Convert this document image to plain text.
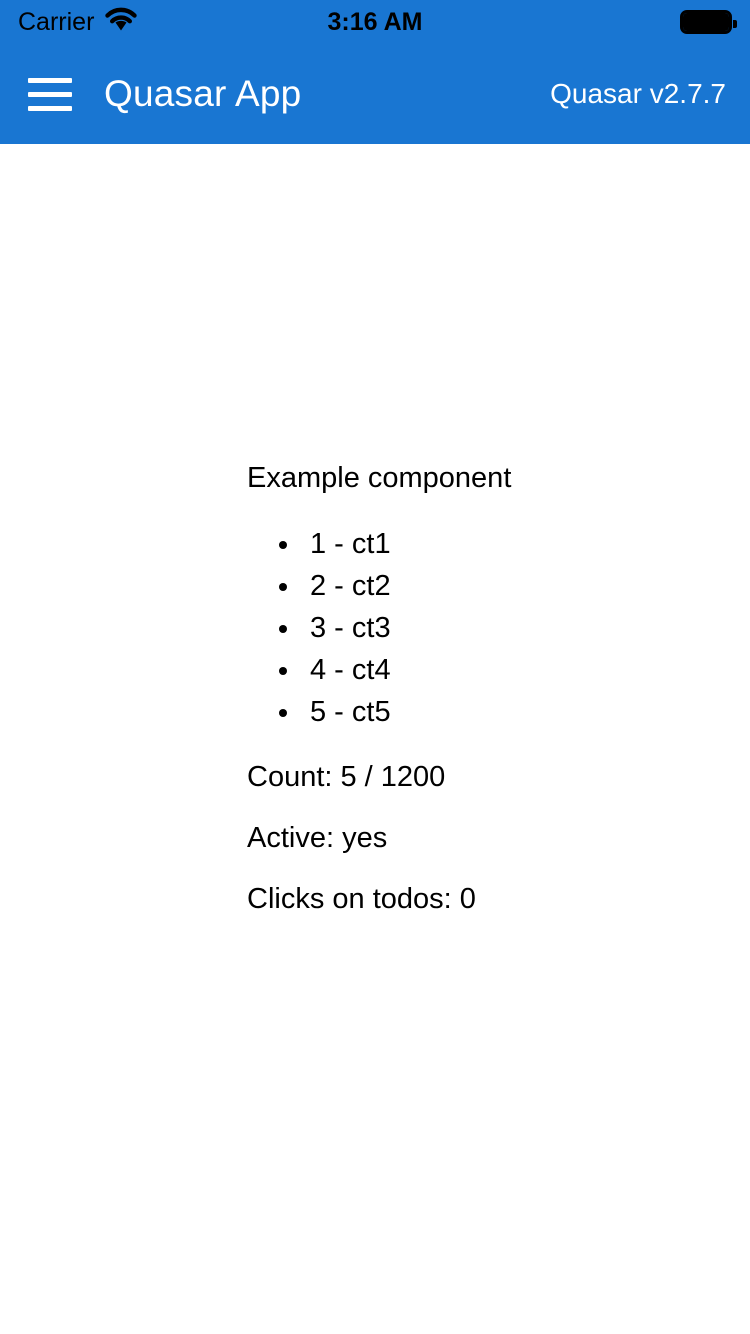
Carrier	3:16 AM
Quasar App	Quasar v2.7.7
Example component
• 1 - ct1
• 2 - ct2
• 3 - ct3
• 4 - ct4
• 5 - ct5
Count: 5 / 1200
Active: yes
Clicks on todos: 0
